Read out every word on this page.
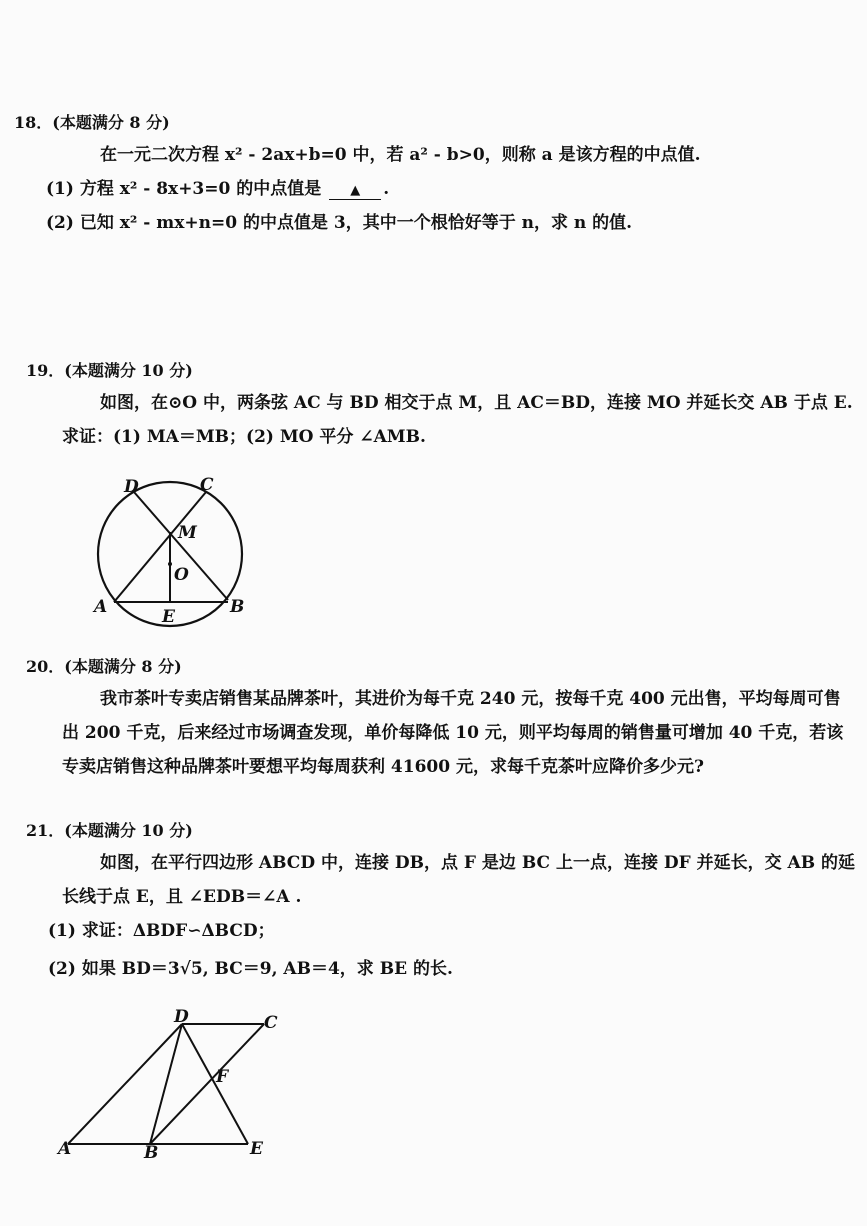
18．(本题满分 8 分)
在一元二次方程 x² - 2ax+b=0 中，若 a² - b>0，则称 a 是该方程的中点值.
(1) 方程 x² - 8x+3=0 的中点值是 ▲ .
(2) 已知 x² - mx+n=0 的中点值是 3，其中一个根恰好等于 n，求 n 的值.
19．(本题满分 10 分)
如图，在⊙O 中，两条弦 AC 与 BD 相交于点 M，且 AC＝BD，连接 MO 并延长交 AB 于点 E.
求证：(1) MA＝MB；(2) MO 平分 ∠AMB.
D	C
M
O
A	B
E
20．(本题满分 8 分)
我市茶叶专卖店销售某品牌茶叶，其进价为每千克 240 元，按每千克 400 元出售，平均每周可售
出 200 千克，后来经过市场调查发现，单价每降低 10 元，则平均每周的销售量可增加 40 千克，若该
专卖店销售这种品牌茶叶要想平均每周获利 41600 元，求每千克茶叶应降价多少元?
21．(本题满分 10 分)
如图，在平行四边形 ABCD 中，连接 DB，点 F 是边 BC 上一点，连接 DF 并延长，交 AB 的延
长线于点 E，且 ∠EDB＝∠A .
(1) 求证：ΔBDF∽ΔBCD；
(2) 如果 BD＝3√5, BC＝9, AB＝4，求 BE 的长.
D	C
F
A	B	E
